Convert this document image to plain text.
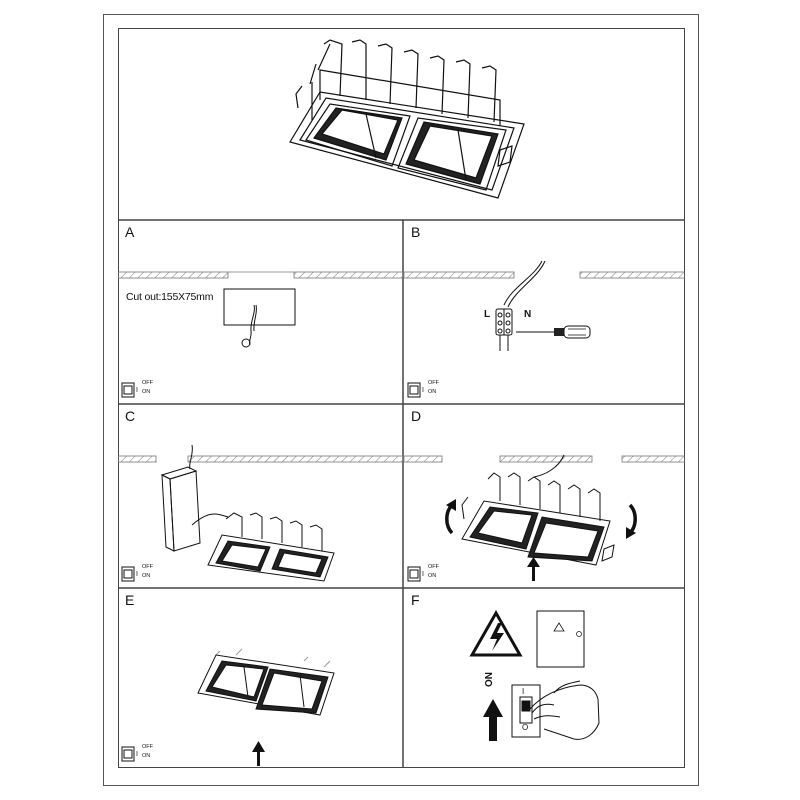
A
Cut out:155X75mm
OFF
I ON
B
L	N
OFF
I ON
C
OFF
I ON
D
OFF
I ON
E
OFF
I ON
F
ON
I
O
